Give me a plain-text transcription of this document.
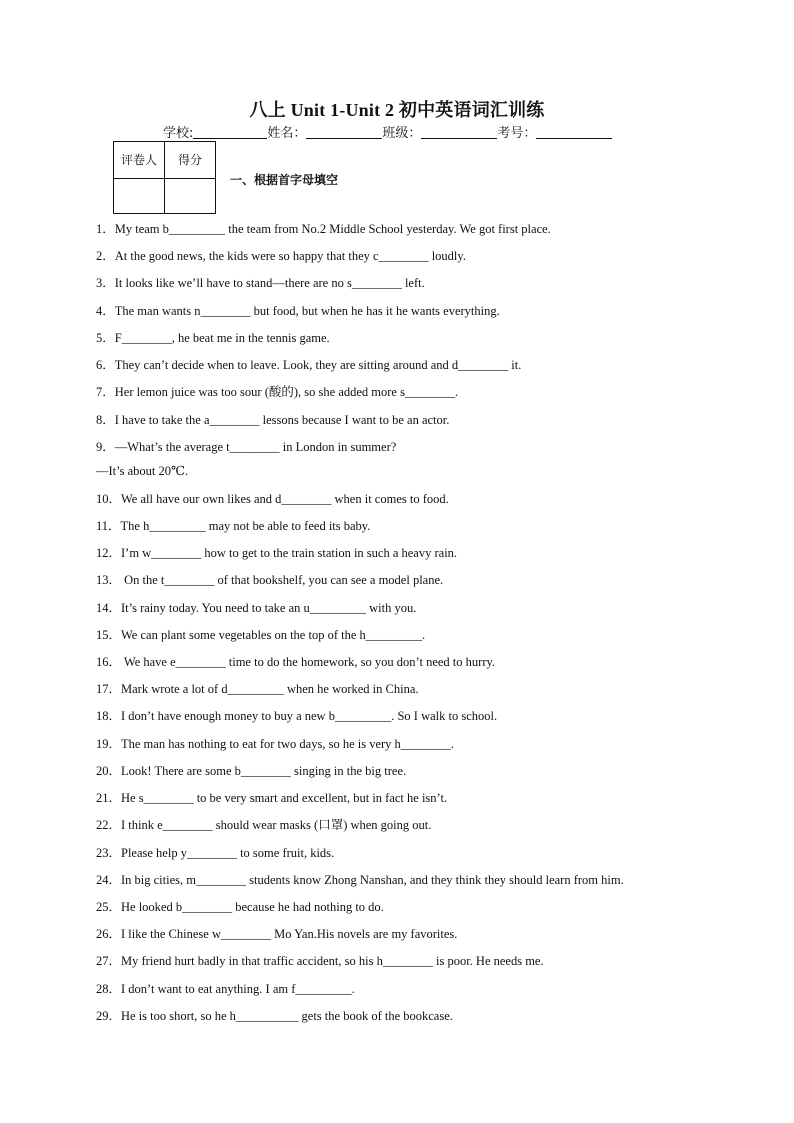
八上 Unit 1-Unit 2 初中英语词汇训练
学校:	姓名：	班级：	考号：
评卷人	得分

一、根据首字母填空
1．My team b_________ the team from No.2 Middle School yesterday. We got first place.
2．At the good news, the kids were so happy that they c________ loudly.
3．It looks like we’ll have to stand—there are no s________ left.
4．The man wants n________ but food, but when he has it he wants everything.
5．F________, he beat me in the tennis game.
6．They can’t decide when to leave. Look, they are sitting around and d________ it.
7．Her lemon juice was too sour (酸的), so she added more s________.
8．I have to take the a________ lessons because I want to be an actor.
9．—What’s the average t________ in London in summer?
—It’s about 20℃.
10．We all have our own likes and d________ when it comes to food.
11．The h_________ may not be able to feed its baby.
12．I’m w________ how to get to the train station in such a heavy rain.
13． On the t________ of that bookshelf, you can see a model plane.
14．It’s rainy today. You need to take an u_________ with you.
15．We can plant some vegetables on the top of the h_________.
16． We have e________ time to do the homework, so you don’t need to hurry.
17．Mark wrote a lot of d_________ when he worked in China.
18．I don’t have enough money to buy a new b_________. So I walk to school.
19．The man has nothing to eat for two days, so he is very h________.
20．Look! There are some b________ singing in the big tree.
21．He s________ to be very smart and excellent, but in fact he isn’t.
22．I think e________ should wear masks (口罩) when going out.
23．Please help y________ to some fruit, kids.
24．In big cities, m________ students know Zhong Nanshan, and they think they should learn from him.
25．He looked b________ because he had nothing to do.
26．I like the Chinese w________ Mo Yan.His novels are my favorites.
27．My friend hurt badly in that traffic accident, so his h________ is poor. He needs me.
28．I don’t want to eat anything. I am f_________.
29．He is too short, so he h__________ gets the book of the bookcase.
